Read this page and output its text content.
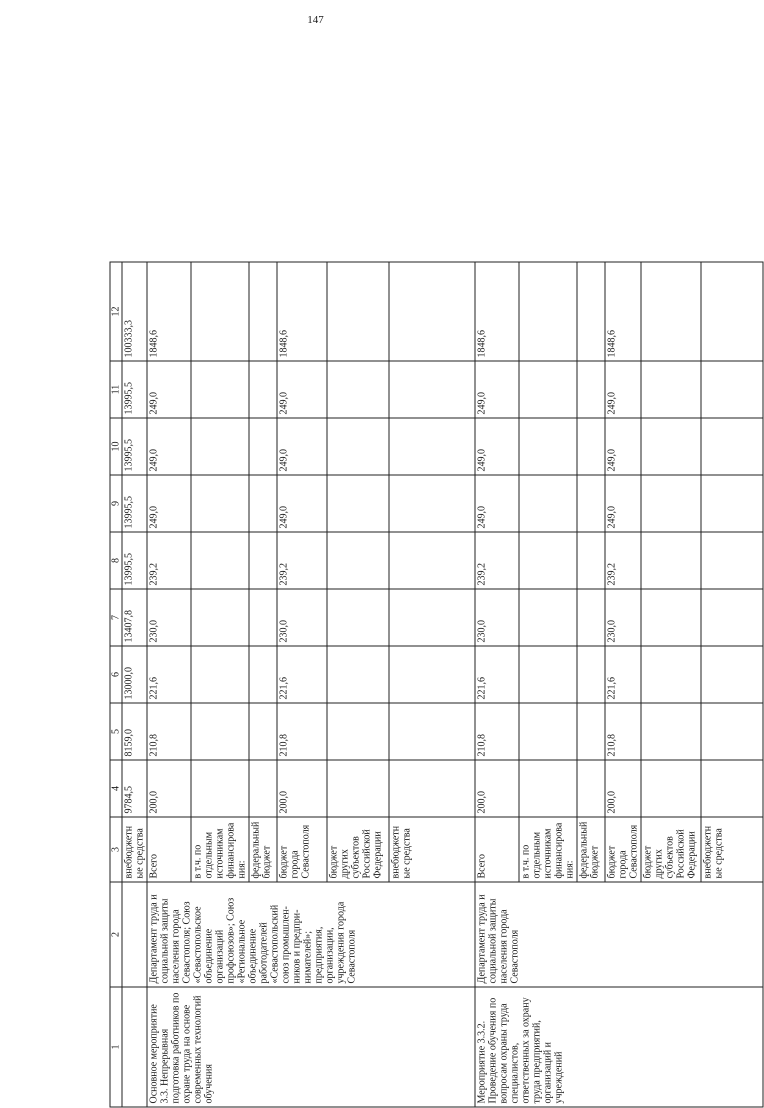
147
1	2	3	4	5	6	7	8	9	10	11	12
		внебюджетные средства	9784,5	8159,0	13000,0	13407,8	13995,5	13995,5	13995,5	13995,5	100333,3
Основное мероприятие 3.3. Непрерывная подготовка работников по охране труда на основе современных технологий обучения	Департамент труда и социальной защиты населения города Севастополя; Союз «Севастопольское объединение организаций профсоюзов»; Союз «Региональное объединение работодателей «Севастопольский союз промышлен-ников и предпри-нимателей»; предприятия, организации, учреждения города Севастополя	Всего	200,0	210,8	221,6	230,0	239,2	249,0	249,0	249,0	1848,6
		в т.ч. по отдельным источникам финансирования:									
		федеральный бюджет									
		бюджет города Севастополя	200,0	210,8	221,6	230,0	239,2	249,0	249,0	249,0	1848,6
		бюджет других субъектов Российской Федерации									
		внебюджетные средства									
Мероприятие 3.3.2. Проведение обучения по вопросам охраны труда специалистов, ответственных за охрану труда предприятий, организаций и учреждений	Департамент труда и социальной защиты населения города Севастополя	Всего	200,0	210,8	221,6	230,0	239,2	249,0	249,0	249,0	1848,6
		в т.ч. по отдельным источникам финансирования:									
		федеральный бюджет									
		бюджет города Севастополя	200,0	210,8	221,6	230,0	239,2	249,0	249,0	249,0	1848,6
		бюджет других субъектов Российской Федерации									
		внебюджетные средства									
